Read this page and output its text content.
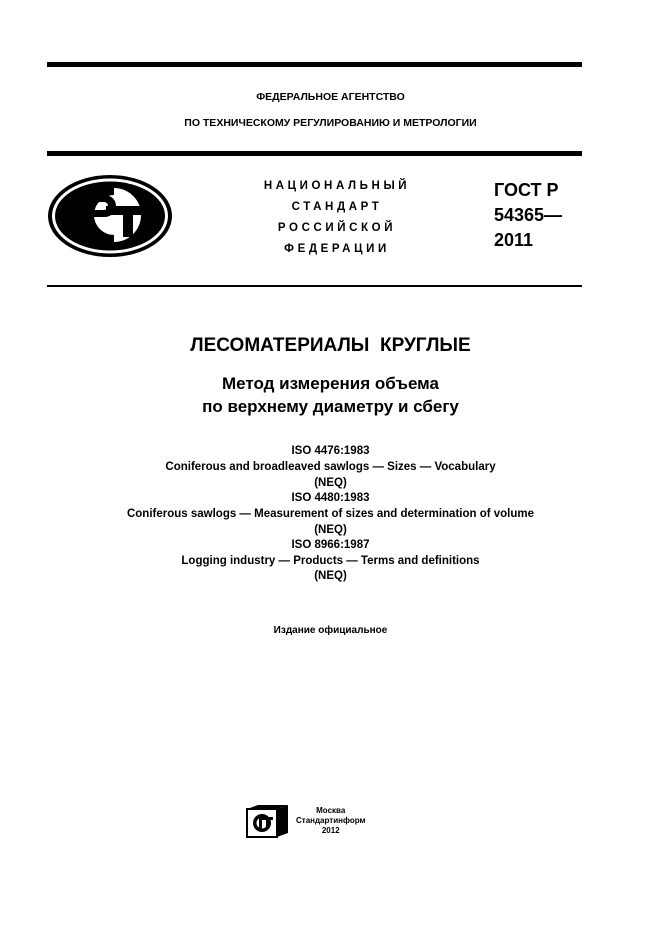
ФЕДЕРАЛЬНОЕ АГЕНТСТВО
ПО ТЕХНИЧЕСКОМУ РЕГУЛИРОВАНИЮ И МЕТРОЛОГИИ
НАЦИОНАЛЬНЫЙ
СТАНДАРТ
РОССИЙСКОЙ
ФЕДЕРАЦИИ
ГОСТ Р
54365—
2011
ЛЕСОМАТЕРИАЛЫ  КРУГЛЫЕ
Метод измерения объема
по верхнему диаметру и сбегу
ISO 4476:1983
Coniferous and broadleaved sawlogs — Sizes — Vocabulary
(NEQ)
ISO 4480:1983
Coniferous sawlogs — Measurement of sizes and determination of volume
(NEQ)
ISO 8966:1987
Logging industry — Products — Terms and definitions
(NEQ)
Издание официальное
Москва
Стандартинформ
2012
